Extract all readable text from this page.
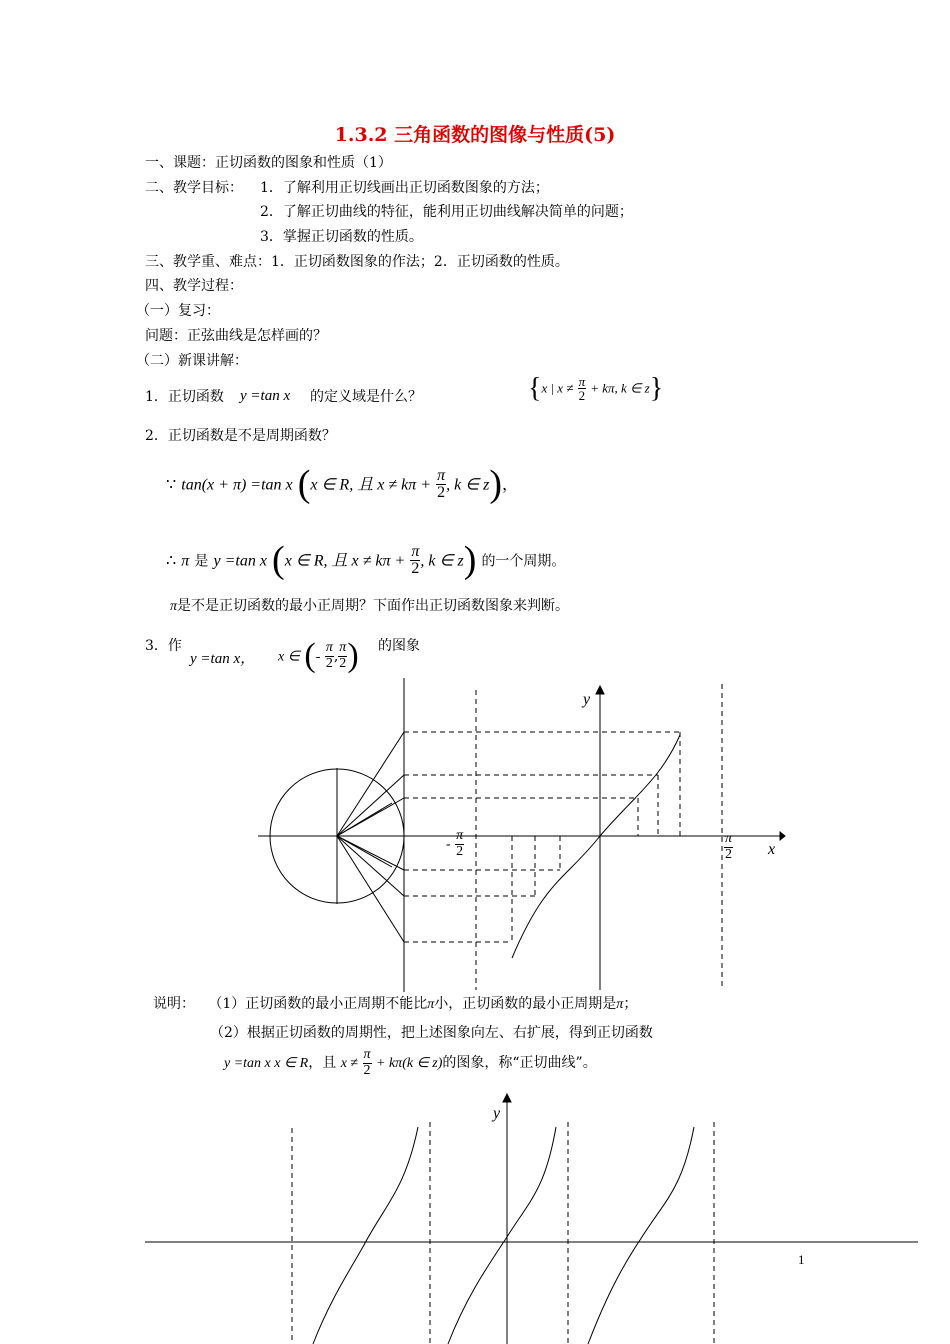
1.3.2 三角函数的图像与性质(5)
一、课题：正切函数的图象和性质（1）
二、教学目标： 1．了解利用正切线画出正切函数图象的方法；
2．了解正切曲线的特征，能利用正切曲线解决简单的问题；
3．掌握正切函数的性质。
三、教学重、难点：1．正切函数图象的作法；2．正切函数的性质。
四、教学过程：
（一）复习：
问题：正弦曲线是怎样画的？
（二）新课讲解：
1．正切函数 y =tan x 的定义域是什么？	{x | $x \ne \frac{\pi}{2} + k\pi$, k ∈ z}
2．正切函数是不是周期函数？
∵ tan(x + π) =tan x (x ∈ R, 且 $x \ne k\pi + \frac{\pi}{2}$ , k ∈ z)，
∴ π 是 y =tan x (x ∈ R, 且 $x \ne k\pi + \frac{\pi}{2}$ , k ∈ z) 的一个周期。
π是不是正切函数的最小正周期？下面作出正切函数图象来判断。
3．作
y =tan x， x ∈ (- $\frac{\pi}{2}$ , $\frac{\pi}{2}$ ) 的图象
y
x
- $\frac{\pi}{2}$	$\frac{\pi}{2}$
说明： （1）正切函数的最小正周期不能比π小，正切函数的最小正周期是π；
（2）根据正切函数的周期性，把上述图象向左、右扩展，得到正切函数
y =tan x x ∈ R，且 $x \ne \frac{\pi}{2} + k\pi(k$ ∈ z)的图象，称“正切曲线”。
y
1
